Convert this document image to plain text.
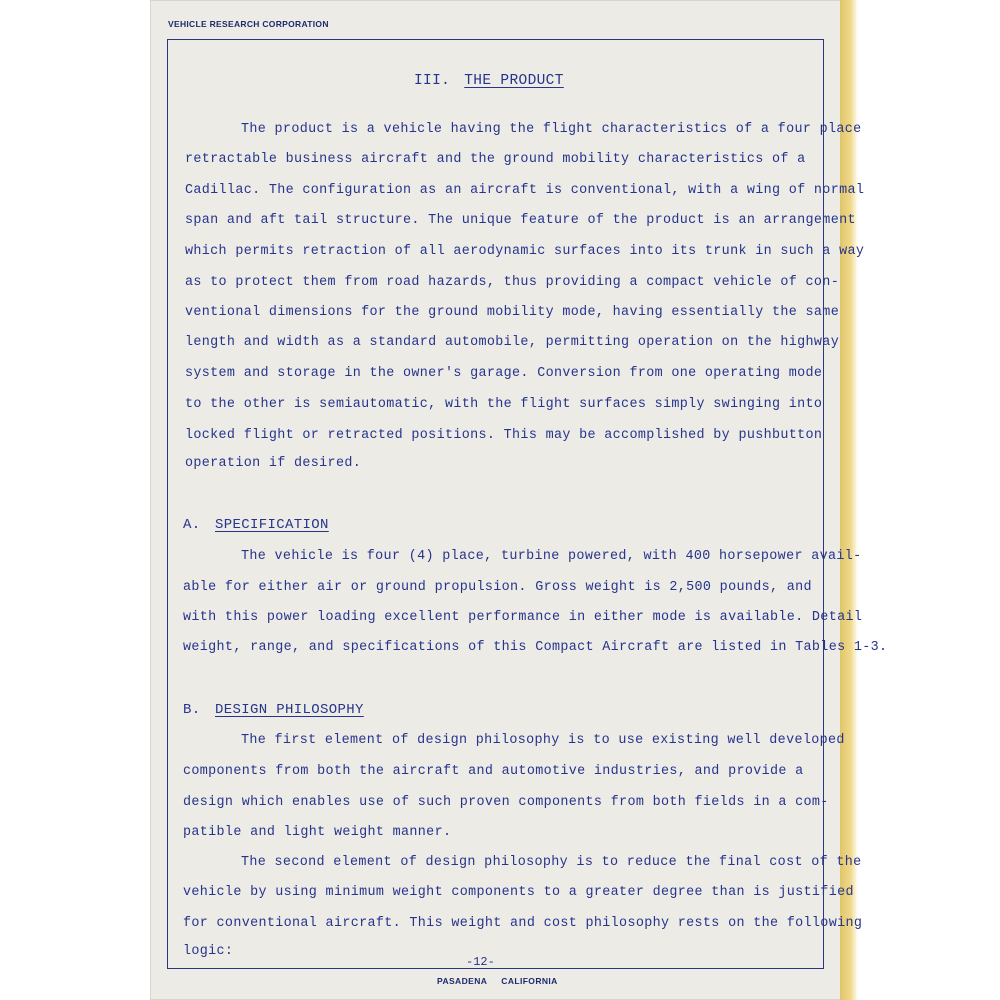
VEHICLE RESEARCH CORPORATION
III. THE PRODUCT
The product is a vehicle having the flight characteristics of a four place
retractable business aircraft and the ground mobility characteristics of a
Cadillac. The configuration as an aircraft is conventional, with a wing of normal
span and aft tail structure. The unique feature of the product is an arrangement
which permits retraction of all aerodynamic surfaces into its trunk in such a way
as to protect them from road hazards, thus providing a compact vehicle of con-
ventional dimensions for the ground mobility mode, having essentially the same
length and width as a standard automobile, permitting operation on the highway
system and storage in the owner's garage. Conversion from one operating mode
to the other is semiautomatic, with the flight surfaces simply swinging into
locked flight or retracted positions. This may be accomplished by pushbutton
operation if desired.
A. SPECIFICATION
The vehicle is four (4) place, turbine powered, with 400 horsepower avail-
able for either air or ground propulsion. Gross weight is 2,500 pounds, and
with this power loading excellent performance in either mode is available. Detail
weight, range, and specifications of this Compact Aircraft are listed in Tables 1-3.
B. DESIGN PHILOSOPHY
The first element of design philosophy is to use existing well developed
components from both the aircraft and automotive industries, and provide a
design which enables use of such proven components from both fields in a com-
patible and light weight manner.
The second element of design philosophy is to reduce the final cost of the
vehicle by using minimum weight components to a greater degree than is justified
for conventional aircraft. This weight and cost philosophy rests on the following
logic:
-12-
PASADENA CALIFORNIA
